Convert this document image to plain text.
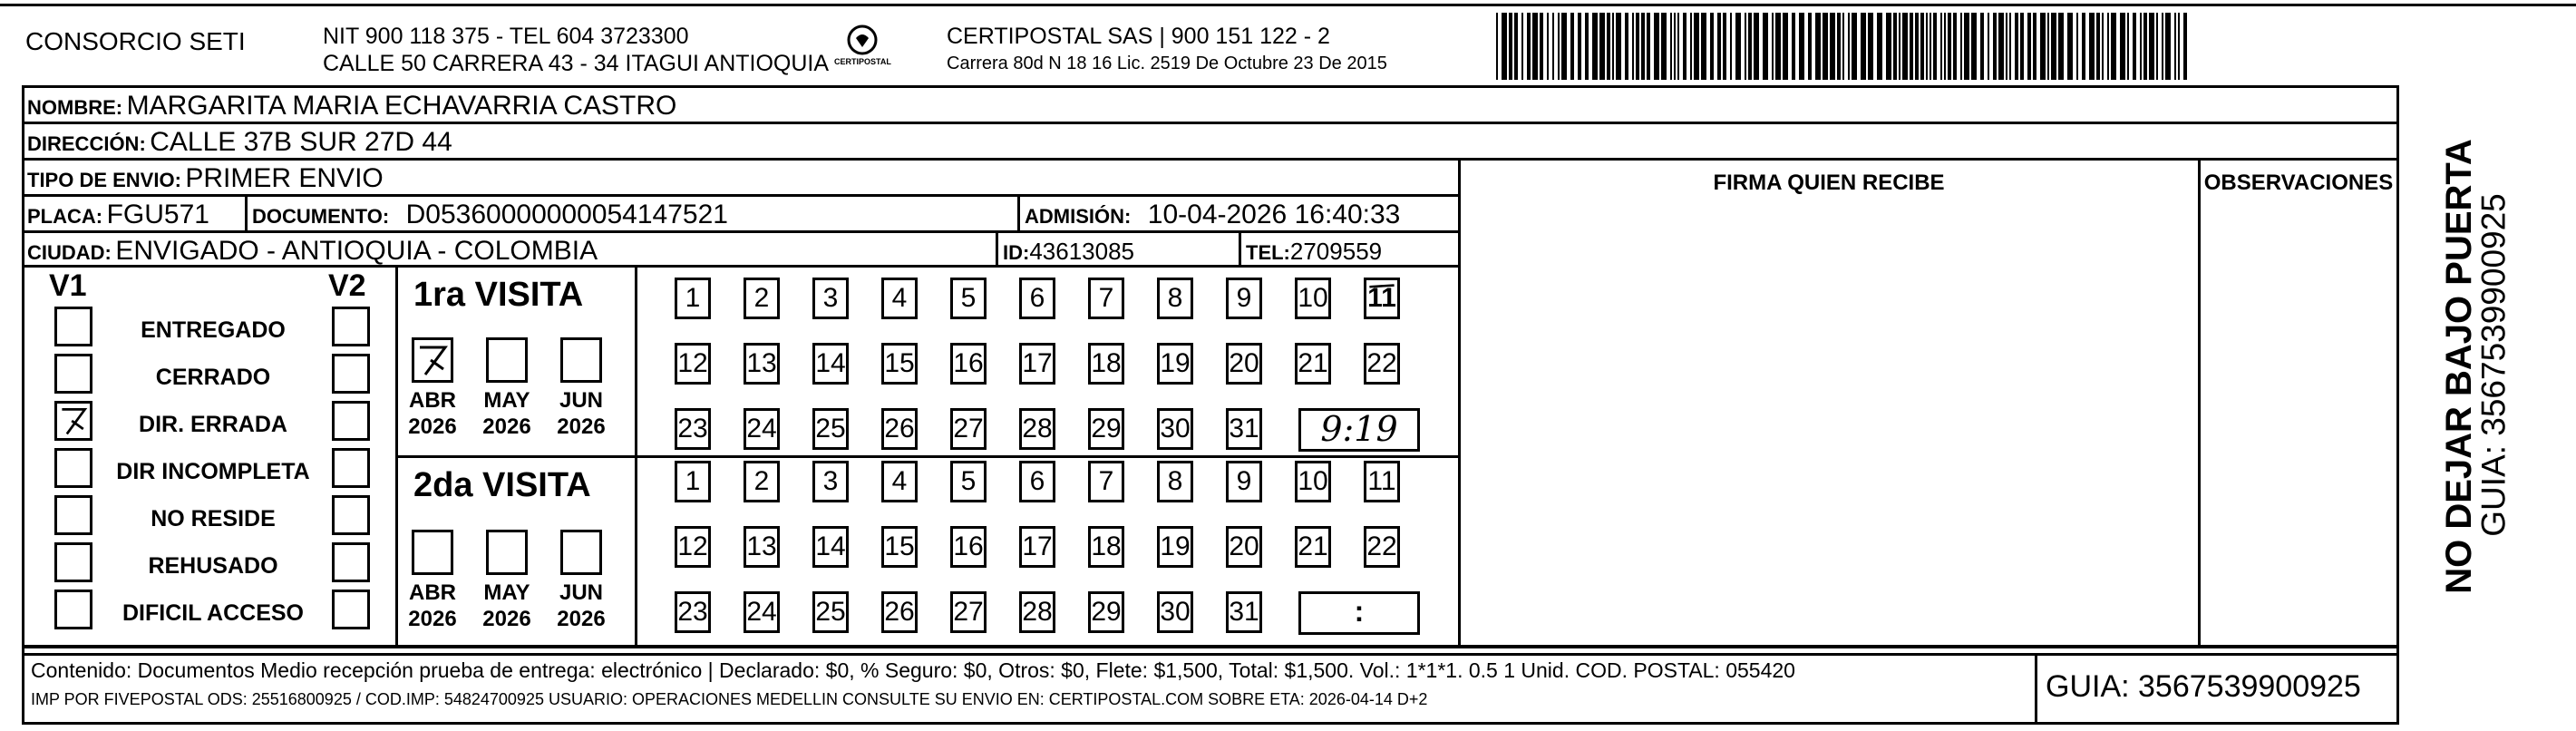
CONSORCIO SETI	NIT 900 118 375 - TEL 604 3723300
CALLE 50 CARRERA 43 - 34 ITAGUI ANTIOQUIA CERTIPOSTAL
CERTIPOSTAL SAS | 900 151 122 - 2
Carrera 80d N 18 16 Lic. 2519 De Octubre 23 De 2015
NOMBRE: MARGARITA MARIA ECHAVARRIA CASTRO
DIRECCIÓN: CALLE 37B SUR 27D 44
TIPO DE ENVIO: PRIMER ENVIO	FIRMA QUIEN RECIBE	OBSERVACIONES
PLACA: FGU571 DOCUMENTO: D05360000000054147521	ADMISIÓN: 10-04-2026 16:40:33
CIUDAD: ENVIGADO - ANTIOQUIA - COLOMBIA	ID:43613085	TEL:2709559
V1	V2
ENTREGADO
CERRADO
DIR. ERRADA
DIR INCOMPLETA
NO RESIDE
REHUSADO
DIFICIL ACCESO
1ra VISITA
ABR
2026
MAY
2026
JUN
2026
1	2	3	4	5	6	7	8	9	10 11
12 13 14 15 16 17 18 19 20 21 22
23 24 25 26 27 28 29 30 31	9:19
2da VISITA
ABR
2026
MAY
2026
JUN
2026
1	2	3	4	5	6	7	8	9	10 11
12 13 14 15 16 17 18 19 20 21 22
23 24 25 26 27 28 29 30 31	:
Contenido: Documentos Medio recepción prueba de entrega: electrónico | Declarado: $0, % Seguro: $0, Otros: $0, Flete: $1,500, Total: $1,500. Vol.: 1*1*1. 0.5 1 Unid. COD. POSTAL: 055420
IMP POR FIVEPOSTAL ODS: 25516800925 / COD.IMP: 54824700925 USUARIO: OPERACIONES MEDELLIN CONSULTE SU ENVIO EN: CERTIPOSTAL.COM SOBRE ETA: 2026-04-14 D+2	GUIA: 3567539900925
NO DEJAR BAJO PUERTA
GUIA: 3567539900925
